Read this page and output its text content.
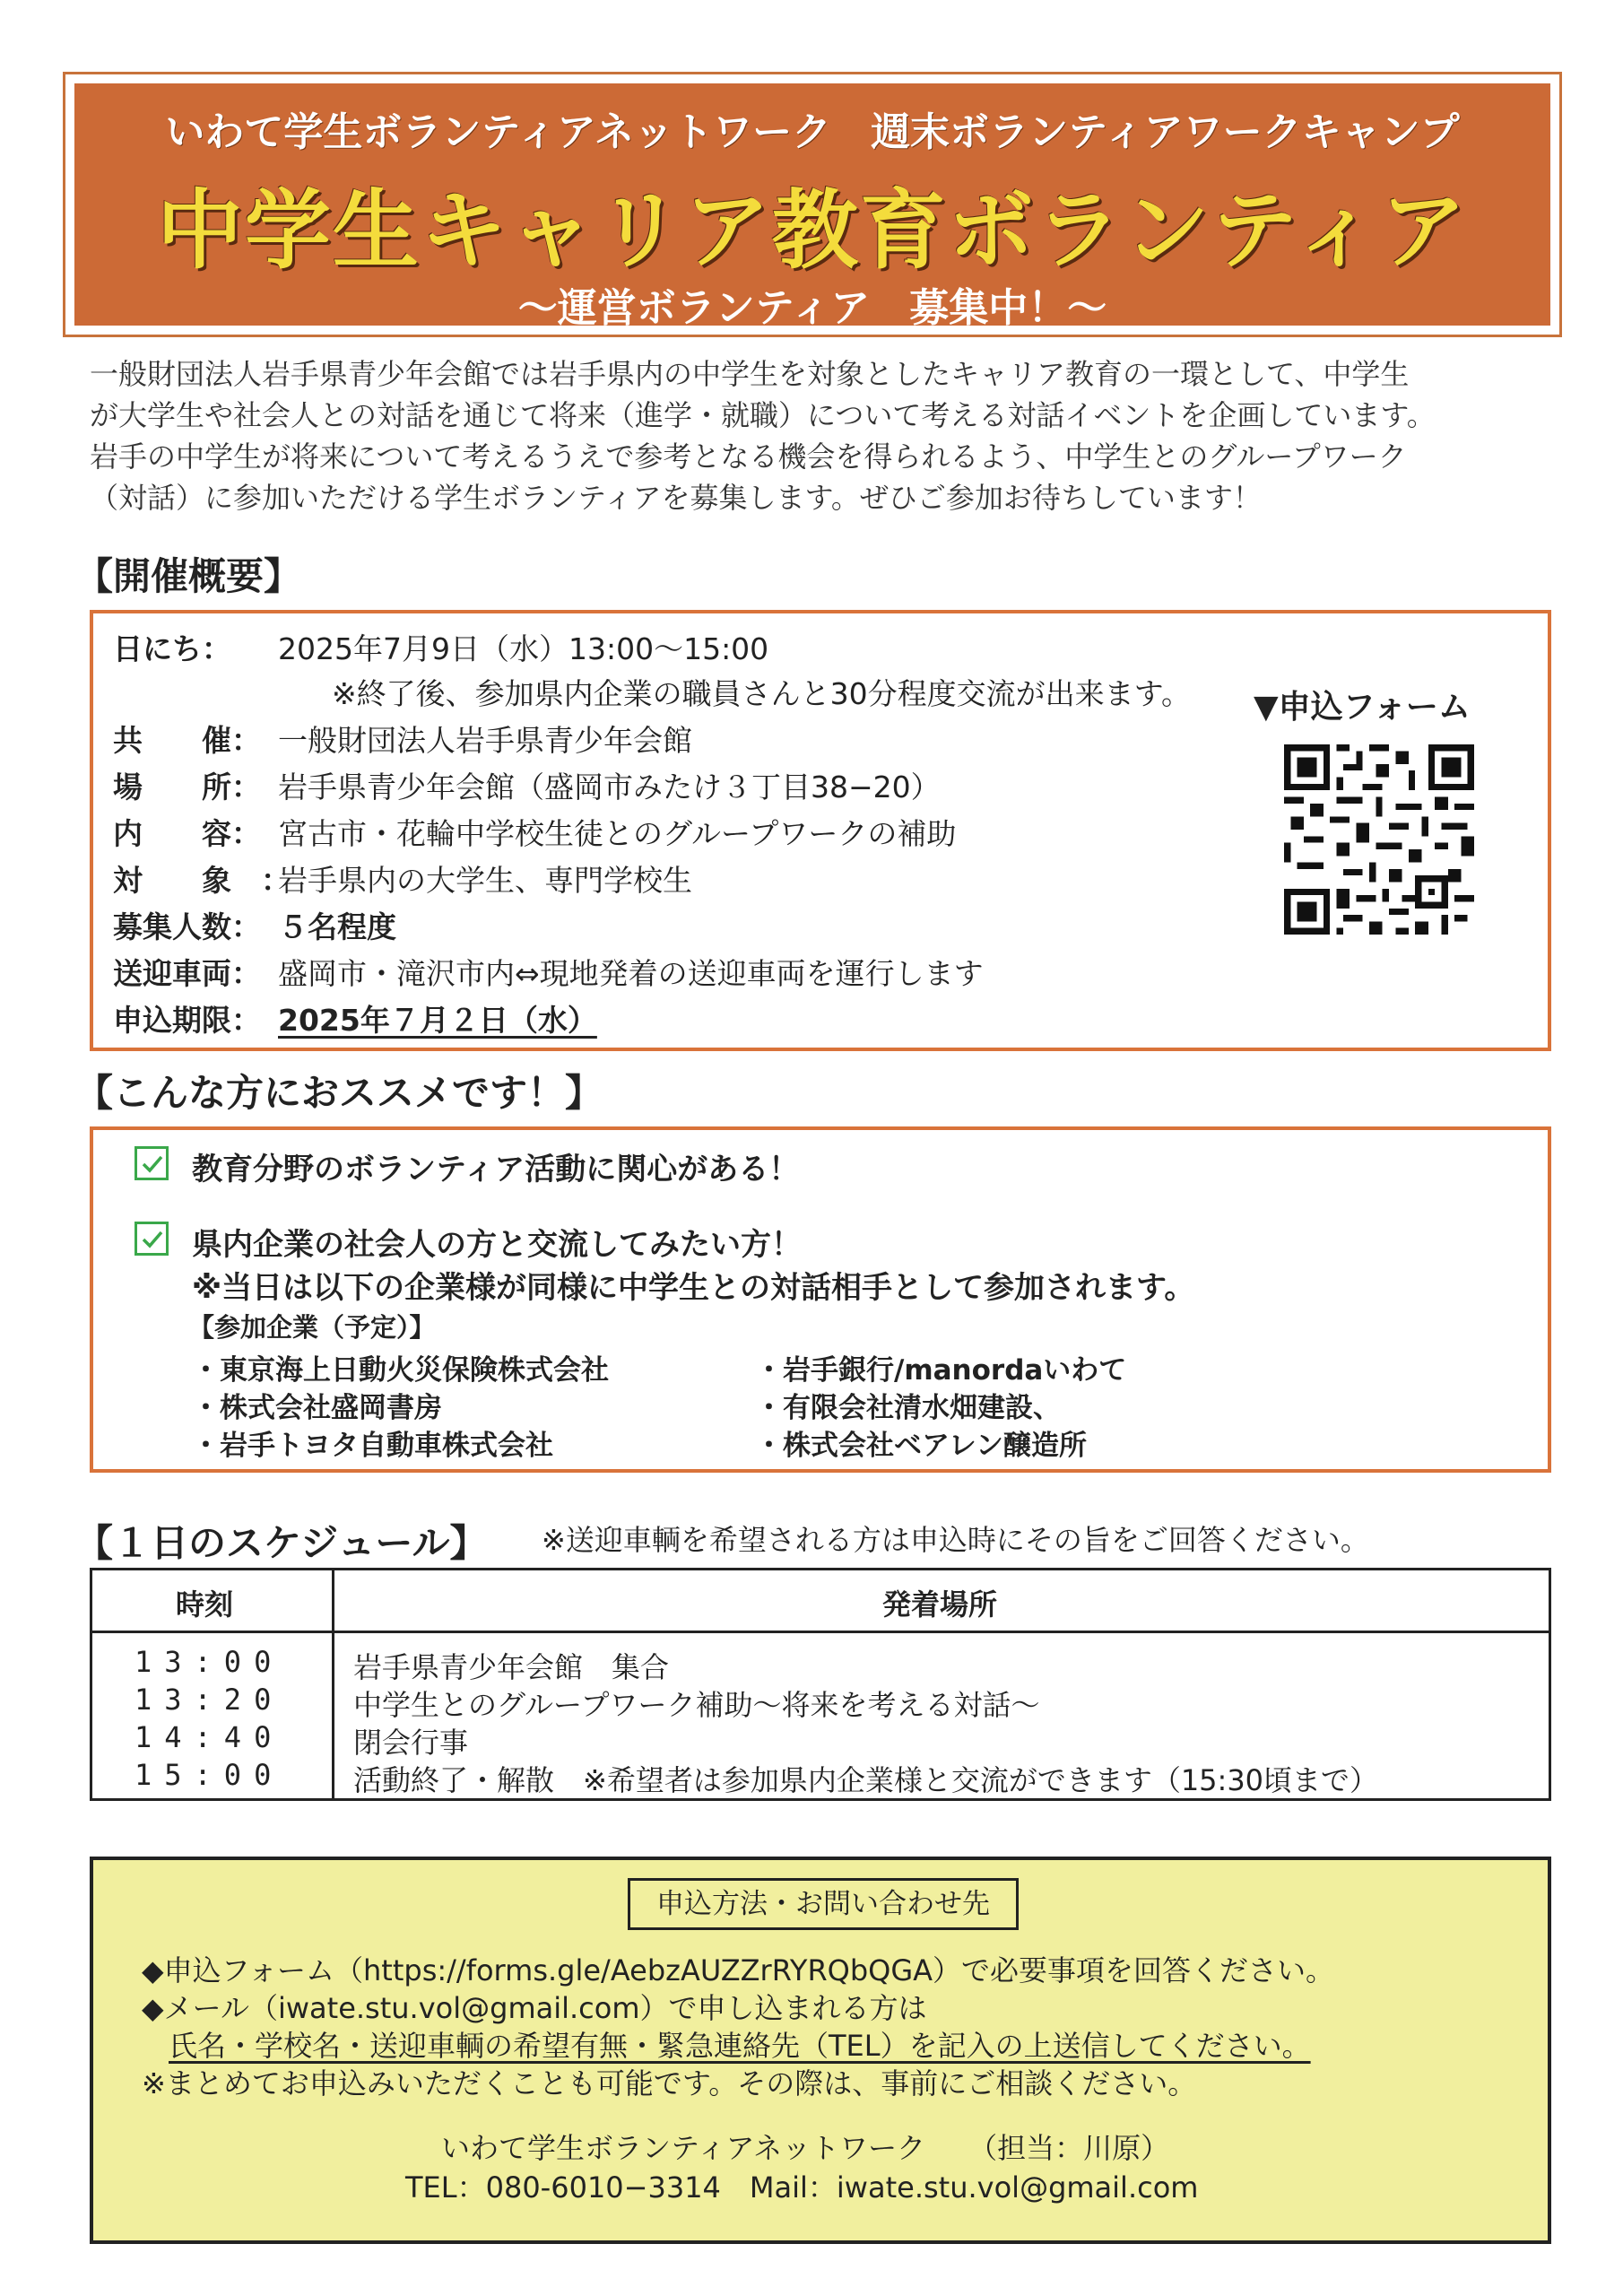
いわて学生ボランティアネットワーク　週末ボランティアワークキャンプ
中学生キャリア教育ボランティア
～運営ボランティア　募集中！～
一般財団法人岩手県青少年会館では岩手県内の中学生を対象としたキャリア教育の一環として、中学生
が大学生や社会人との対話を通じて将来（進学・就職）について考える対話イベントを企画しています。
岩手の中学生が将来について考えるうえで参考となる機会を得られるよう、中学生とのグループワーク
（対話）に参加いただける学生ボランティアを募集します。ぜひご参加お待ちしています！
【開催概要】
日にち： 2025年7月9日（水）13:00～15:00
※終了後、参加県内企業の職員さんと30分程度交流が出来ます。
共　　催： 一般財団法人岩手県青少年会館
場　　所： 岩手県青少年会館（盛岡市みたけ３丁目38−20）
内　　容： 宮古市・花輪中学校生徒とのグループワークの補助
対　　象　：
岩手県内の大学生、専門学校生
募集人数： ５名程度
送迎車両： 盛岡市・滝沢市内⇔現地発着の送迎車両を運行します
申込期限： 2025年７月２日（水）
▼申込フォーム
【こんな方におススメです！】
教育分野のボランティア活動に関心がある！
県内企業の社会人の方と交流してみたい方！
※当日は以下の企業様が同様に中学生との対話相手として参加されます。
【参加企業（予定）】
・東京海上日動火災保険株式会社
・株式会社盛岡書房
・岩手トヨタ自動車株式会社
・岩手銀行/manordaいわて
・有限会社清水畑建設、
・株式会社ベアレン醸造所
【１日のスケジュール】 ※送迎車輌を希望される方は申込時にその旨をご回答ください。
時刻	発着場所
13:00 岩手県青少年会館　集合
13:20 中学生とのグループワーク補助～将来を考える対話～
14:40 閉会行事
15:00 活動終了・解散　※希望者は参加県内企業様と交流ができます（15:30頃まで）
申込方法・お問い合わせ先
◆申込フォーム（https://forms.gle/AebzAUZZrRYRQbQGA）で必要事項を回答ください。
◆メール（iwate.stu.vol@gmail.com）で申し込まれる方は
氏名・学校名・送迎車輌の希望有無・緊急連絡先（TEL）を記入の上送信してください。
※まとめてお申込みいただくことも可能です。その際は、事前にご相談ください。
いわて学生ボランティアネットワーク　　（担当：川原）
TEL：080-6010−3314　Mail：iwate.stu.vol@gmail.com
